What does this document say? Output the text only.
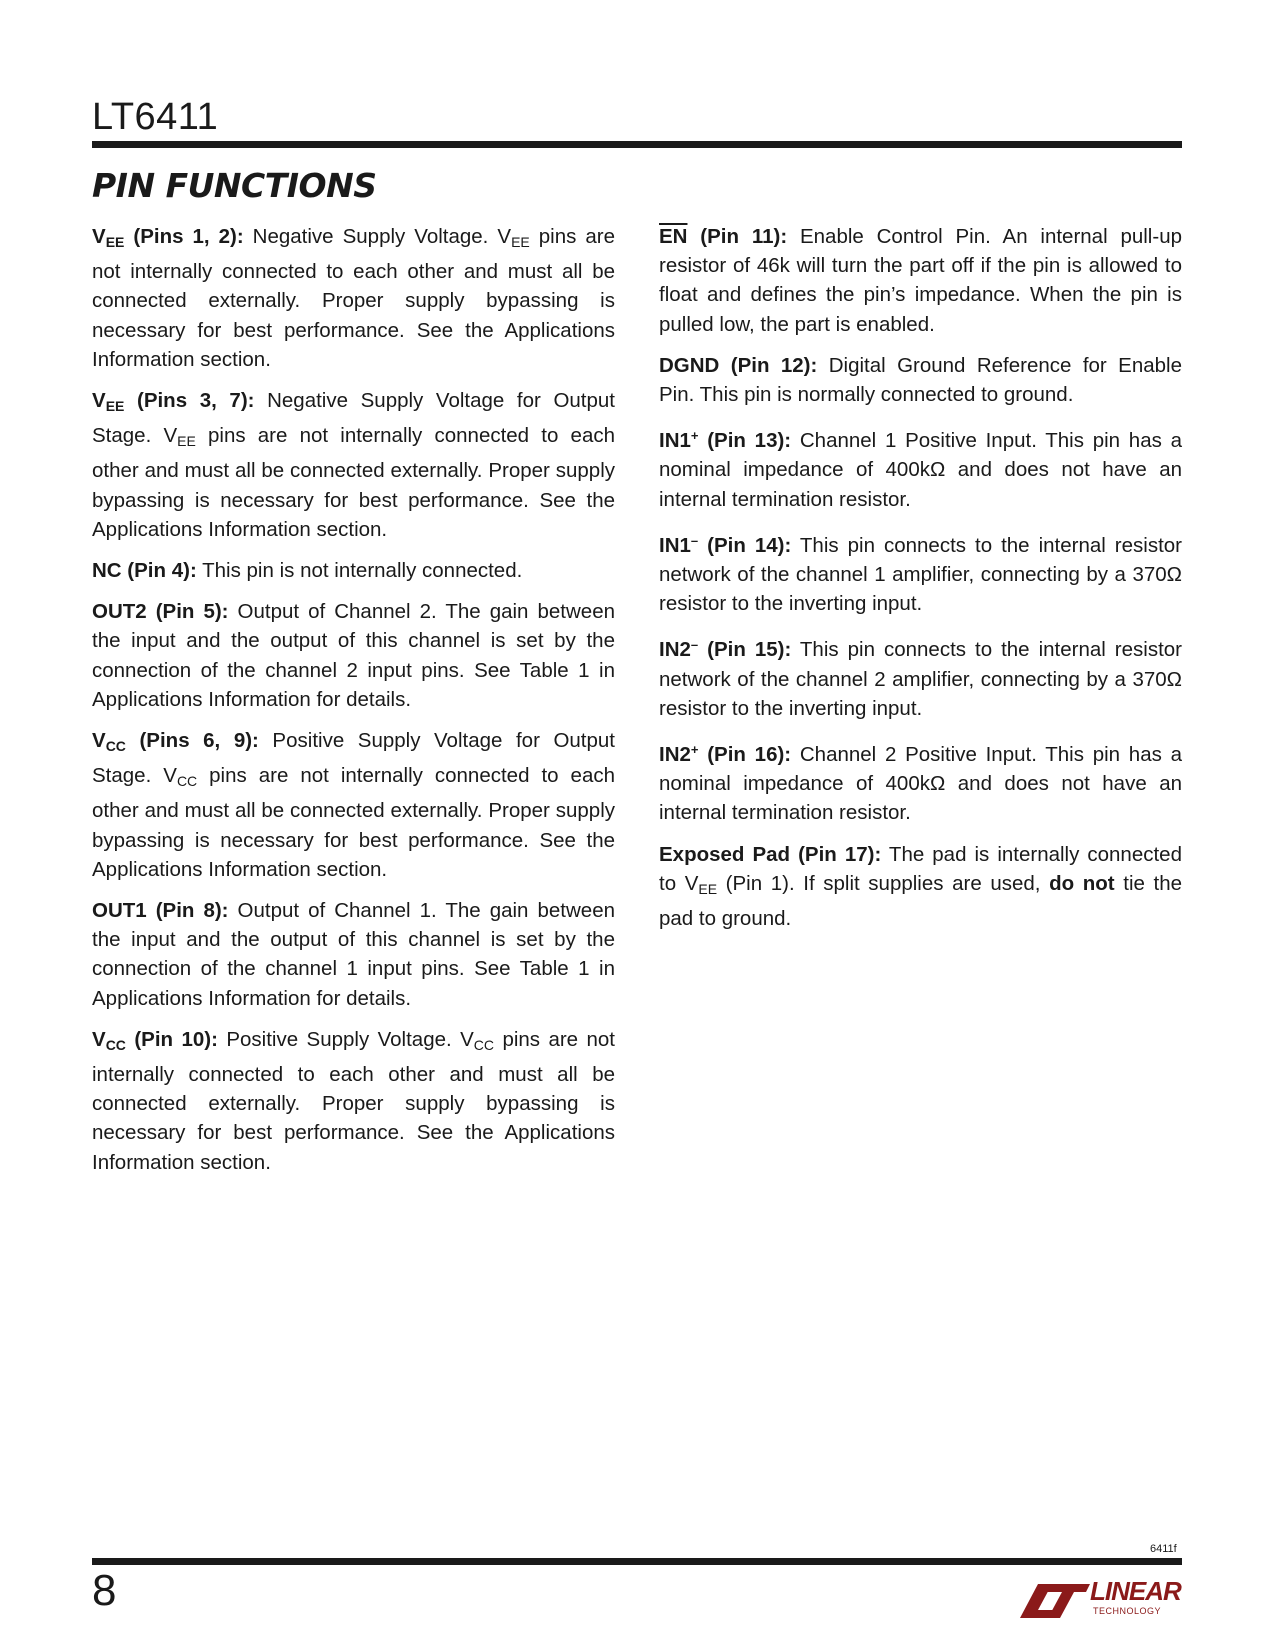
LT6411
PIN FUNCTIONS

$V_{EE}$ (Pins 1, 2): Negative Supply Voltage. $V_{EE}$ pins are not internally connected to each other and must all be connected externally. Proper supply bypassing is necessary for best performance. See the Applications Information section.

$V_{EE}$ (Pins 3, 7): Negative Supply Voltage for Output Stage. $V_{EE}$ pins are not internally connected to each other and must all be connected externally. Proper supply bypassing is necessary for best performance. See the Applications Information section.

NC (Pin 4): This pin is not internally connected.

OUT2 (Pin 5): Output of Channel 2. The gain between the input and the output of this channel is set by the connection of the channel 2 input pins. See Table 1 in Applications Information for details.

$V_{CC}$ (Pins 6, 9): Positive Supply Voltage for Output Stage. $V_{CC}$ pins are not internally connected to each other and must all be connected externally. Proper supply bypassing is necessary for best performance. See the Applications Information section.

OUT1 (Pin 8): Output of Channel 1. The gain between the input and the output of this channel is set by the connection of the channel 1 input pins. See Table 1 in Applications Information for details.

$V_{CC}$ (Pin 10): Positive Supply Voltage. $V_{CC}$ pins are not internally connected to each other and must all be connected externally. Proper supply bypassing is necessary for best performance. See the Applications Information section.

$\overline{EN}$ (Pin 11): Enable Control Pin. An internal pull-up resistor of 46k will turn the part off if the pin is allowed to float and defines the pin’s impedance. When the pin is pulled low, the part is enabled.

DGND (Pin 12): Digital Ground Reference for Enable Pin. This pin is normally connected to ground.

IN1+ (Pin 13): Channel 1 Positive Input. This pin has a nominal impedance of 400kΩ and does not have an internal termination resistor.

IN1– (Pin 14): This pin connects to the internal resistor network of the channel 1 amplifier, connecting by a 370Ω resistor to the inverting input.

IN2– (Pin 15): This pin connects to the internal resistor network of the channel 2 amplifier, connecting by a 370Ω resistor to the inverting input.

IN2+ (Pin 16): Channel 2 Positive Input. This pin has a nominal impedance of 400kΩ and does not have an internal termination resistor.

Exposed Pad (Pin 17): The pad is internally connected to $V_{EE}$ (Pin 1). If split supplies are used, do not tie the pad to ground.

6411f
8	LINEAR
TECHNOLOGY
